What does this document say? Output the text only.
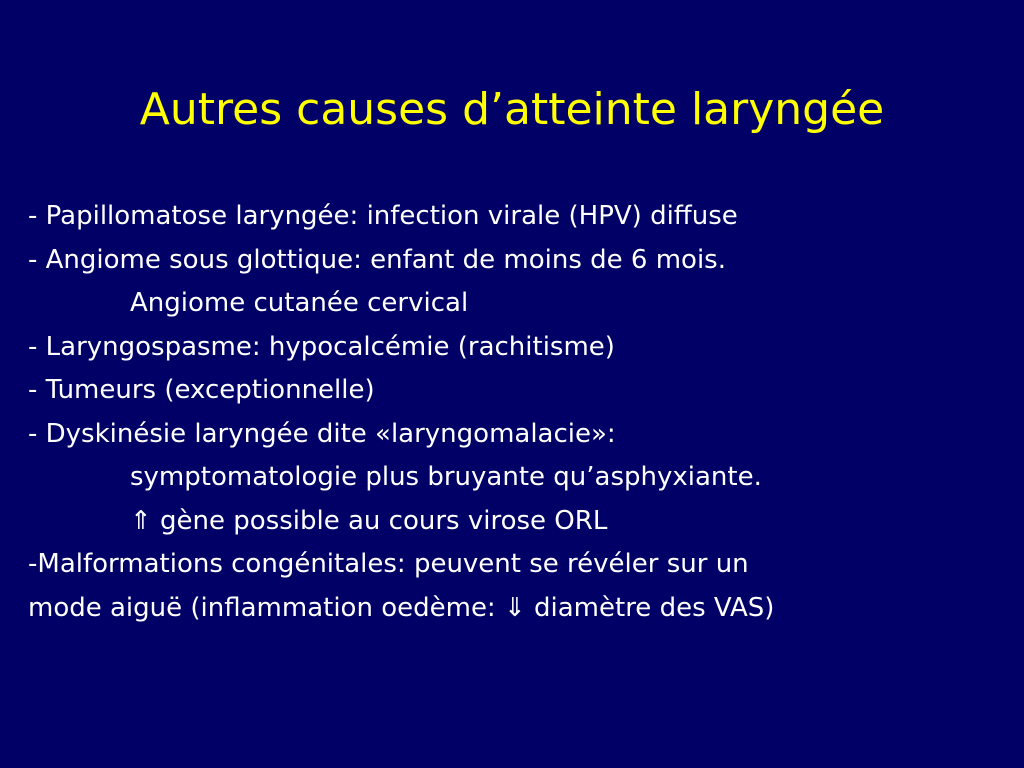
Autres causes d’atteinte laryngée
- Papillomatose laryngée: infection virale (HPV) diffuse
- Angiome sous glottique: enfant de moins de 6 mois.
Angiome cutanée cervical
- Laryngospasme: hypocalcémie (rachitisme)
- Tumeurs (exceptionnelle)
- Dyskinésie laryngée dite «laryngomalacie»:
symptomatologie plus bruyante qu’asphyxiante.
⇑ gène possible au cours virose ORL
-Malformations congénitales: peuvent se révéler sur un
mode aiguë (inflammation oedème: ⇓ diamètre des VAS)
